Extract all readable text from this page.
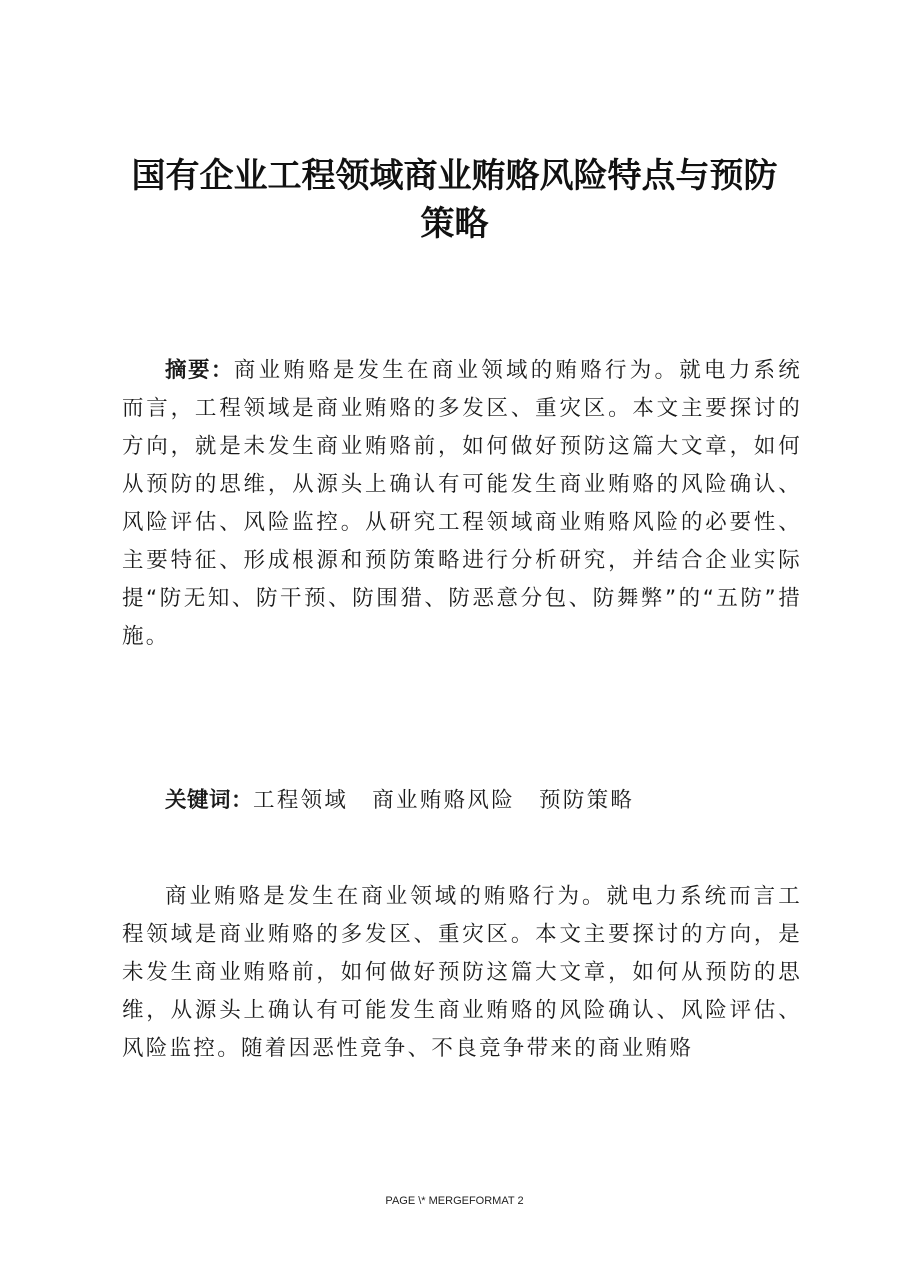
国有企业工程领域商业贿赂风险特点与预防
策略

摘要：商业贿赂是发生在商业领域的贿赂行为。就电力系统而言，工程领域是商业贿赂的多发区、重灾区。本文主要探讨的方向，就是未发生商业贿赂前，如何做好预防这篇大文章，如何从预防的思维，从源头上确认有可能发生商业贿赂的风险确认、风险评估、风险监控。从研究工程领域商业贿赂风险的必要性、主要特征、形成根源和预防策略进行分析研究，并结合企业实际提“防无知、防干预、防围猎、防恶意分包、防舞弊”的“五防”措施。

关键词：工程领域 商业贿赂风险 预防策略

商业贿赂是发生在商业领域的贿赂行为。就电力系统而言工程领域是商业贿赂的多发区、重灾区。本文主要探讨的方向，是未发生商业贿赂前，如何做好预防这篇大文章，如何从预防的思维，从源头上确认有可能发生商业贿赂的风险确认、风险评估、风险监控。随着因恶性竞争、不良竞争带来的商业贿赂

PAGE \* MERGEFORMAT 2
